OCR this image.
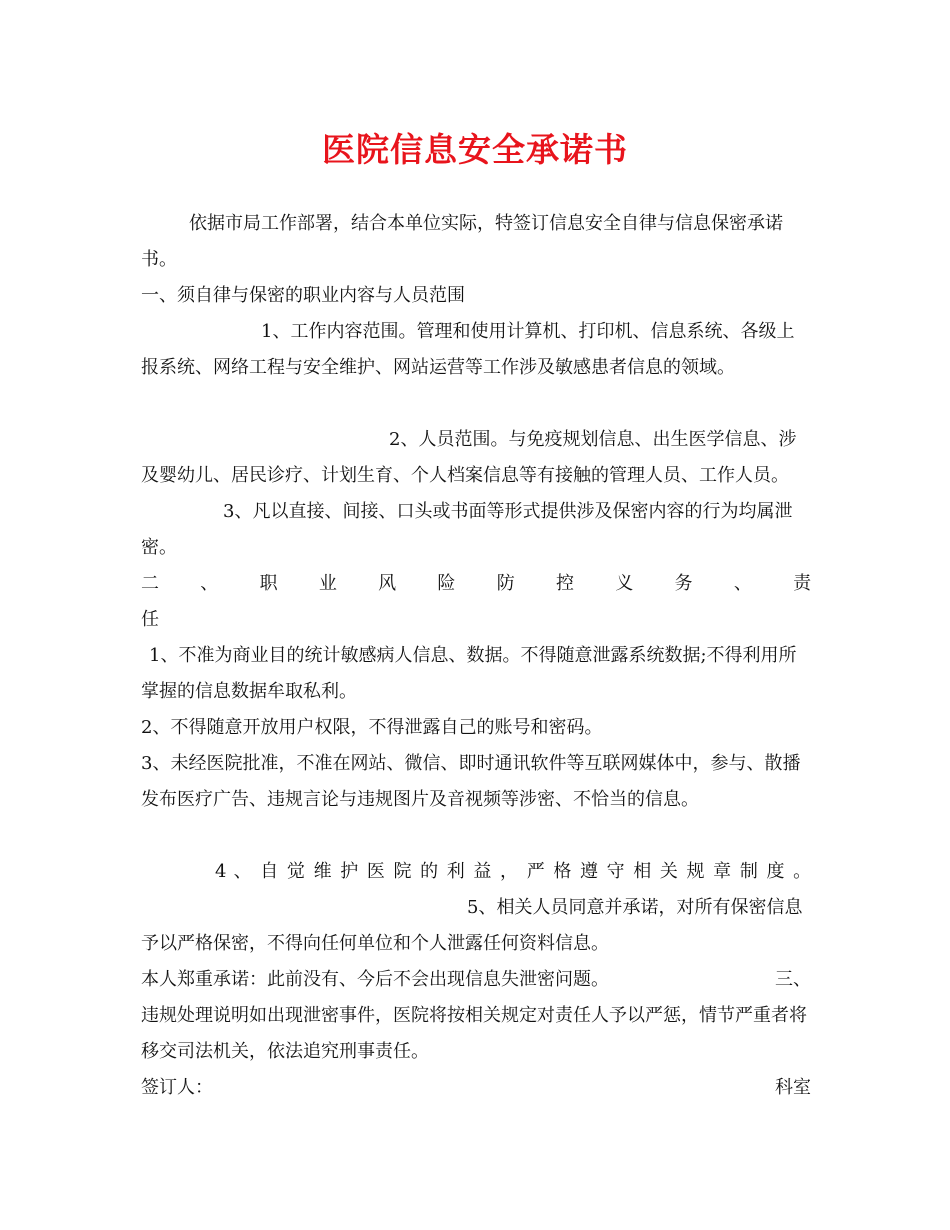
医院信息安全承诺书

依据市局工作部署，结合本单位实际，特签订信息安全自律与信息保密承诺书。

一、须自律与保密的职业内容与人员范围

1、工作内容范围。管理和使用计算机、打印机、信息系统、各级上报系统、网络工程与安全维护、网站运营等工作涉及敏感患者信息的领域。

2、人员范围。与免疫规划信息、出生医学信息、涉及婴幼儿、居民诊疗、计划生育、个人档案信息等有接触的管理人员、工作人员。

3、凡以直接、间接、口头或书面等形式提供涉及保密内容的行为均属泄密。

二 、 职 业 风 险 防 控 义 务 、 责

任

1、不准为商业目的统计敏感病人信息、数据。不得随意泄露系统数据;不得利用所掌握的信息数据牟取私利。

2、不得随意开放用户权限，不得泄露自己的账号和密码。

3、未经医院批准，不准在网站、微信、即时通讯软件等互联网媒体中，参与、散播发布医疗广告、违规言论与违规图片及音视频等涉密、不恰当的信息。

4 、 自 觉 维 护 医 院 的 利 益 ， 严 格 遵 守 相 关 规 章 制 度 。

5、相关人员同意并承诺，对所有保密信息予以严格保密，不得向任何单位和个人泄露任何资料信息。

本人郑重承诺：此前没有、今后不会出现信息失泄密问题。	三、

违规处理说明如出现泄密事件，医院将按相关规定对责任人予以严惩，情节严重者将移交司法机关，依法追究刑事责任。

签订人：	科室
